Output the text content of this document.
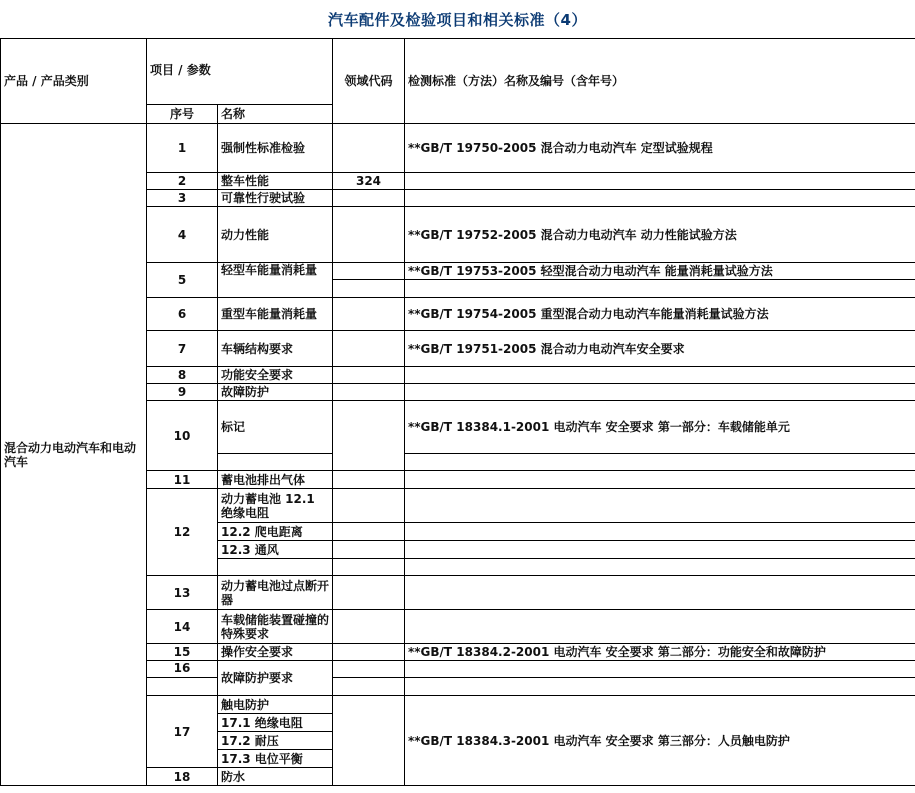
汽车配件及检验项目和相关标准（4）
产品 / 产品类别	项目 / 参数		领域代码	检测标准（方法）名称及编号（含年号）
	序号	名称		
混合动力电动汽车和电动汽车	1	强制性标准检验		**GB/T 19750-2005 混合动力电动汽车 定型试验规程
	2	整车性能	324	
	3	可靠性行驶试验		
	4	动力性能		**GB/T 19752-2005 混合动力电动汽车 动力性能试验方法
	5	轻型车能量消耗量		**GB/T 19753-2005 轻型混合动力电动汽车 能量消耗量试验方法

	6	重型车能量消耗量		**GB/T 19754-2005 重型混合动力电动汽车能量消耗量试验方法
	7	车辆结构要求		**GB/T 19751-2005 混合动力电动汽车安全要求
	8	功能安全要求		
	9	故障防护		
	10	标记		**GB/T 18384.1-2001 电动汽车 安全要求 第一部分：车载储能单元

	11	蓄电池排出气体		
	12	动力蓄电池 12.1 绝缘电阻		
		12.2 爬电距离		
		12.3 通风		

	13	动力蓄电池过点断开器		
	14	车载储能装置碰撞的特殊要求		
	15	操作安全要求		**GB/T 18384.2-2001 电动汽车 安全要求 第二部分：功能安全和故障防护
	16	故障防护要求		

	17	触电防护		**GB/T 18384.3-2001 电动汽车 安全要求 第三部分：人员触电防护
		17.1 绝缘电阻		
		17.2 耐压		
		17.3 电位平衡		
	18	防水		
